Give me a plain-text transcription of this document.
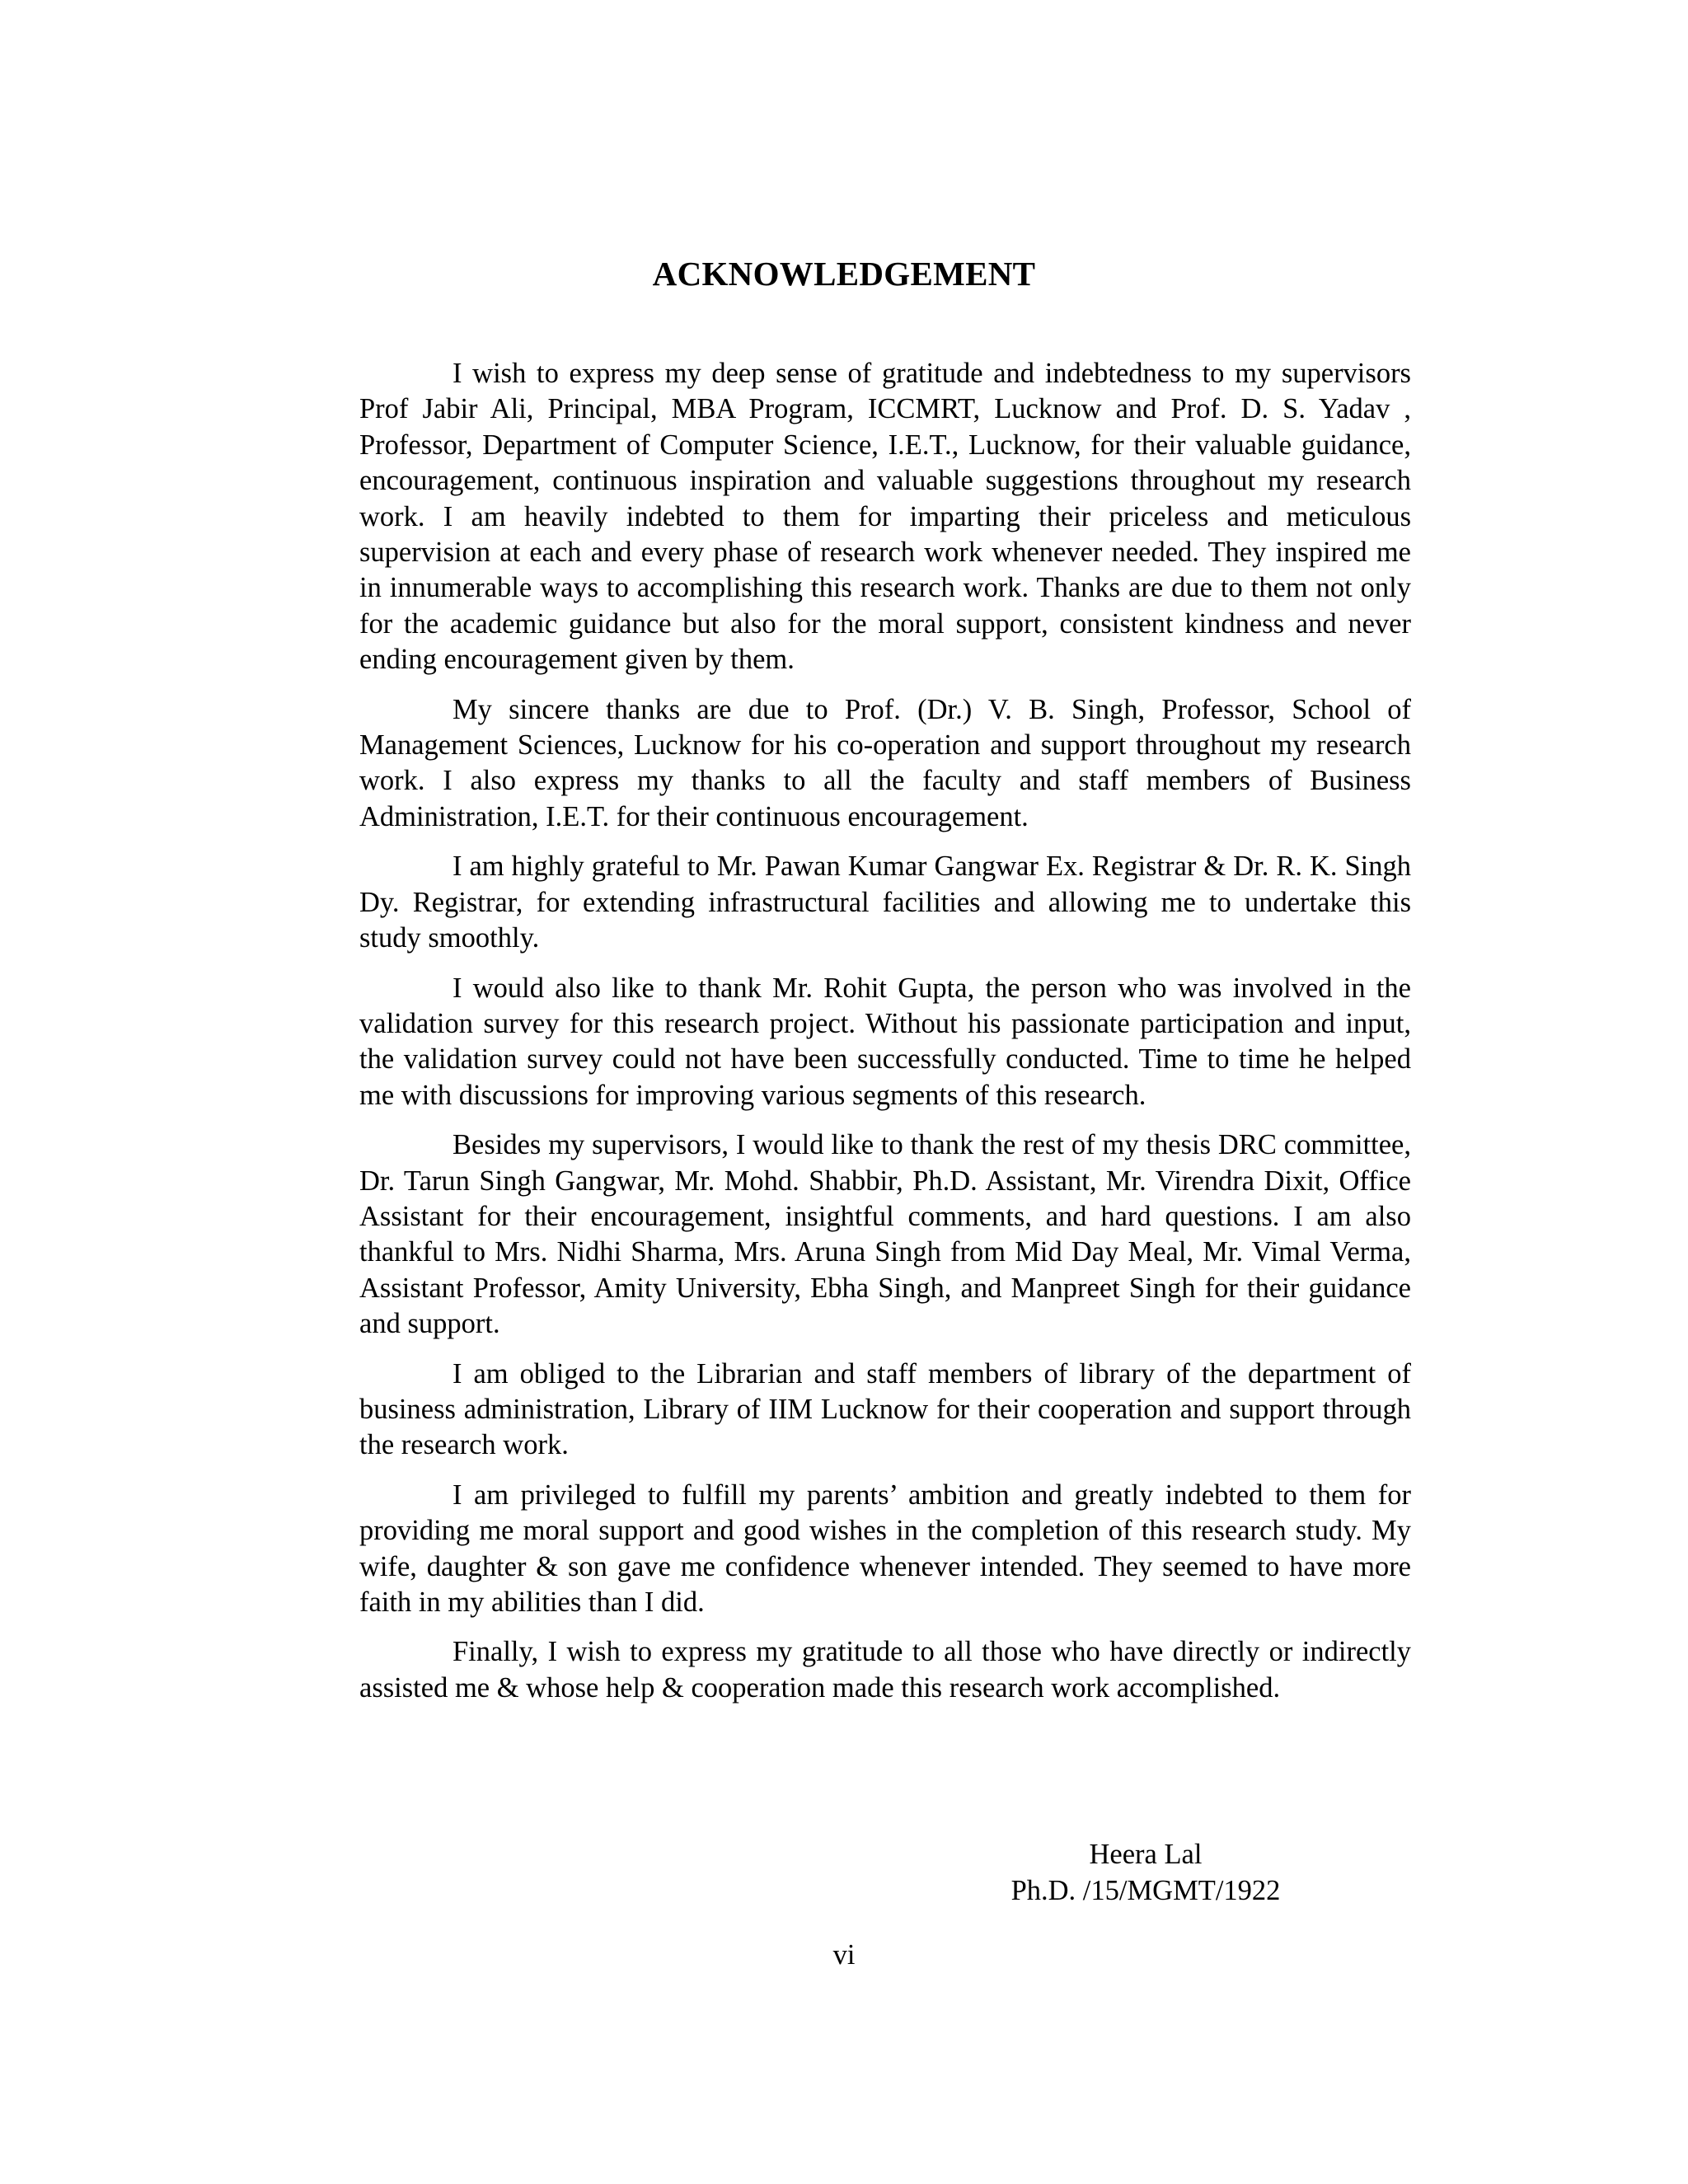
ACKNOWLEDGEMENT

I wish to express my deep sense of gratitude and indebtedness to my supervisors Prof Jabir Ali, Principal, MBA Program, ICCMRT, Lucknow and Prof. D. S. Yadav , Professor, Department of Computer Science, I.E.T., Lucknow, for their valuable guidance, encouragement, continuous inspiration and valuable suggestions throughout my research work. I am heavily indebted to them for imparting their priceless and meticulous supervision at each and every phase of research work whenever needed. They inspired me in innumerable ways to accomplishing this research work. Thanks are due to them not only for the academic guidance but also for the moral support, consistent kindness and never ending encouragement given by them.

My sincere thanks are due to Prof. (Dr.) V. B. Singh, Professor, School of Management Sciences, Lucknow for his co-operation and support throughout my research work. I also express my thanks to all the faculty and staff members of Business Administration, I.E.T. for their continuous encouragement.

I am highly grateful to Mr. Pawan Kumar Gangwar Ex. Registrar & Dr. R. K. Singh Dy. Registrar, for extending infrastructural facilities and allowing me to undertake this study smoothly.

I would also like to thank Mr. Rohit Gupta, the person who was involved in the validation survey for this research project. Without his passionate participation and input, the validation survey could not have been successfully conducted. Time to time he helped me with discussions for improving various segments of this research.

Besides my supervisors, I would like to thank the rest of my thesis DRC committee, Dr. Tarun Singh Gangwar, Mr. Mohd. Shabbir, Ph.D. Assistant, Mr. Virendra Dixit, Office Assistant for their encouragement, insightful comments, and hard questions. I am also thankful to Mrs. Nidhi Sharma, Mrs. Aruna Singh from Mid Day Meal, Mr. Vimal Verma, Assistant Professor, Amity University, Ebha Singh, and Manpreet Singh for their guidance and support.

I am obliged to the Librarian and staff members of library of the department of business administration, Library of IIM Lucknow for their cooperation and support through the research work.

I am privileged to fulfill my parents’ ambition and greatly indebted to them for providing me moral support and good wishes in the completion of this research study. My wife, daughter & son gave me confidence whenever intended. They seemed to have more faith in my abilities than I did.

Finally, I wish to express my gratitude to all those who have directly or indirectly assisted me & whose help & cooperation made this research work accomplished.

Heera Lal
Ph.D. /15/MGMT/1922
vi
